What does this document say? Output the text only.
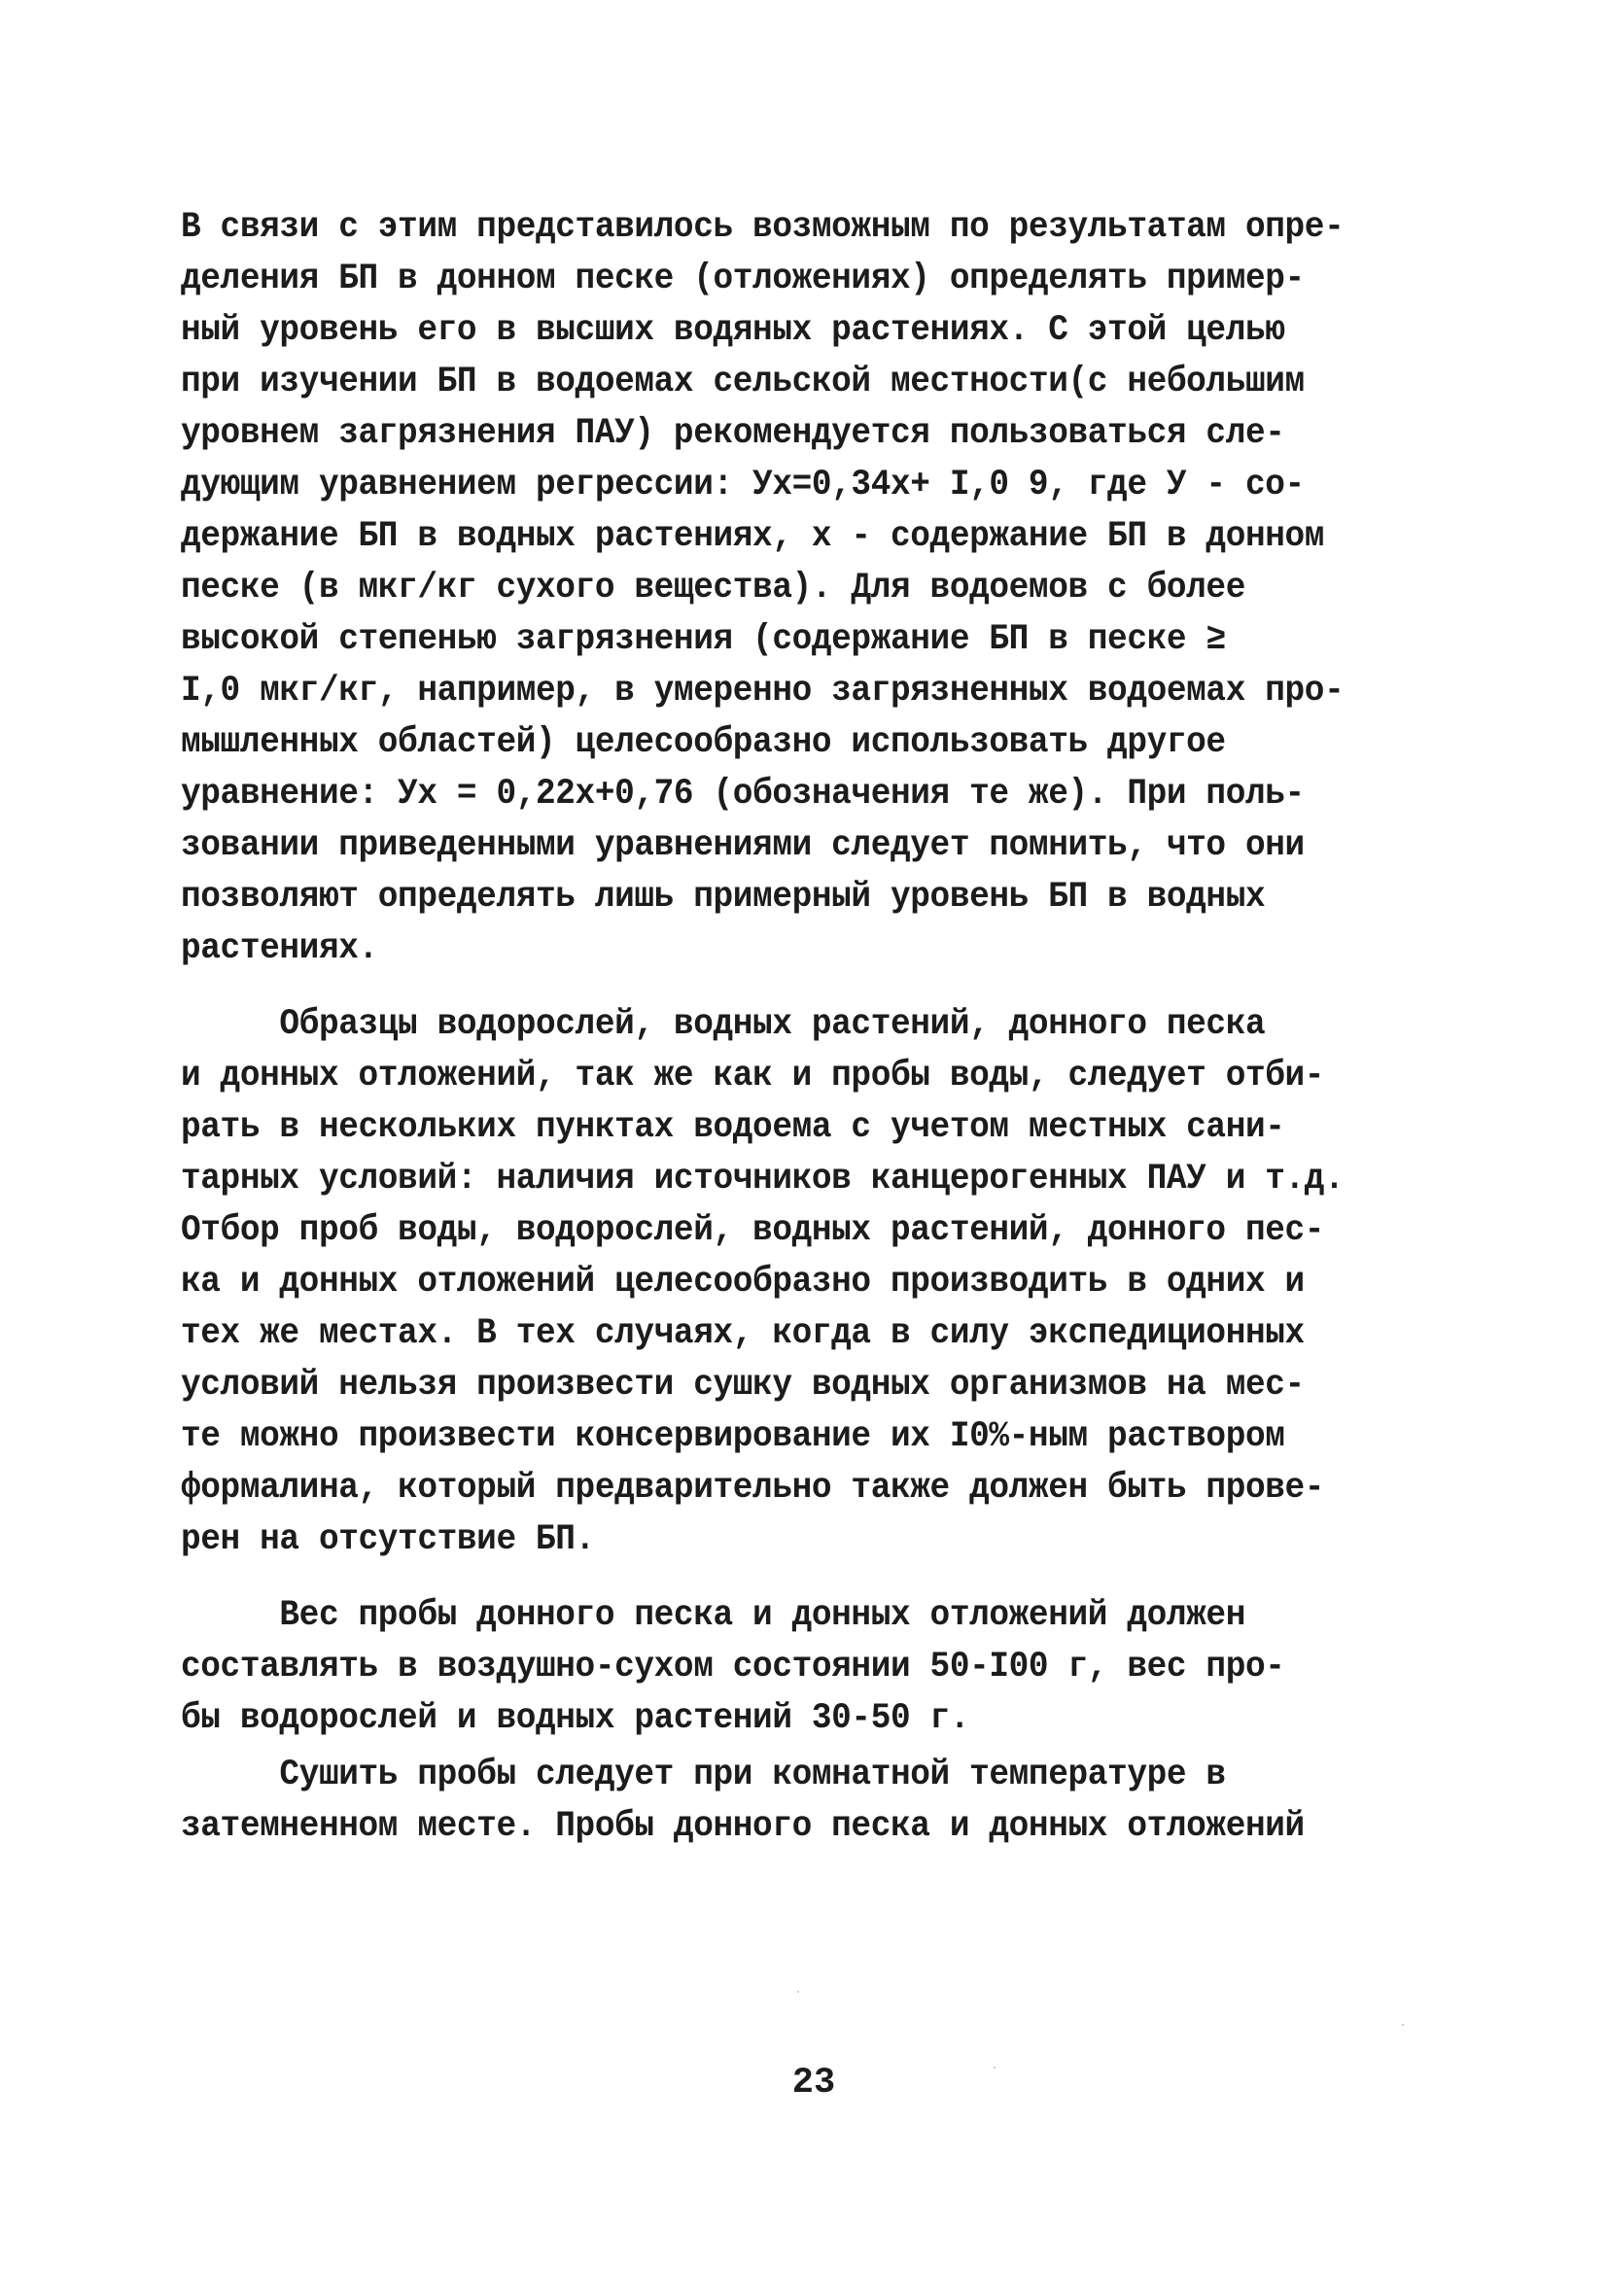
В связи с этим представилось возможным по результатам опре-
деления БП в донном песке (отложениях) определять пример-
ный уровень его в высших водяных растениях. С этой целью
при изучении БП в водоемах сельской местности(с небольшим
уровнем загрязнения ПАУ) рекомендуется пользоваться сле-
дующим уравнением регрессии: Ух=0,34х+ I,0 9, где У - со-
держание БП в водных растениях, х - содержание БП в донном
песке (в мкг/кг сухого вещества). Для водоемов с более
высокой степенью загрязнения (содержание БП в песке ≥
I,0 мкг/кг, например, в умеренно загрязненных водоемах про-
мышленных областей) целесообразно использовать другое
уравнение: Ух = 0,22х+0,76 (обозначения те же). При поль-
зовании приведенными уравнениями следует помнить, что они
позволяют определять лишь примерный уровень БП в водных
растениях.
Образцы водорослей, водных растений, донного песка
и донных отложений, так же как и пробы воды, следует отби-
рать в нескольких пунктах водоема с учетом местных сани-
тарных условий: наличия источников канцерогенных ПАУ и т.д.
Отбор проб воды, водорослей, водных растений, донного пес-
ка и донных отложений целесообразно производить в одних и
тех же местах. В тех случаях, когда в силу экспедиционных
условий нельзя произвести сушку водных организмов на мес-
те можно произвести консервирование их I0%-ным раствором
формалина, который предварительно также должен быть прове-
рен на отсутствие БП.
Вес пробы донного песка и донных отложений должен
составлять в воздушно-сухом состоянии 50-I00 г, вес про-
бы водорослей и водных растений 30-50 г.
Сушить пробы следует при комнатной температуре в
затемненном месте. Пробы донного песка и донных отложений
23
